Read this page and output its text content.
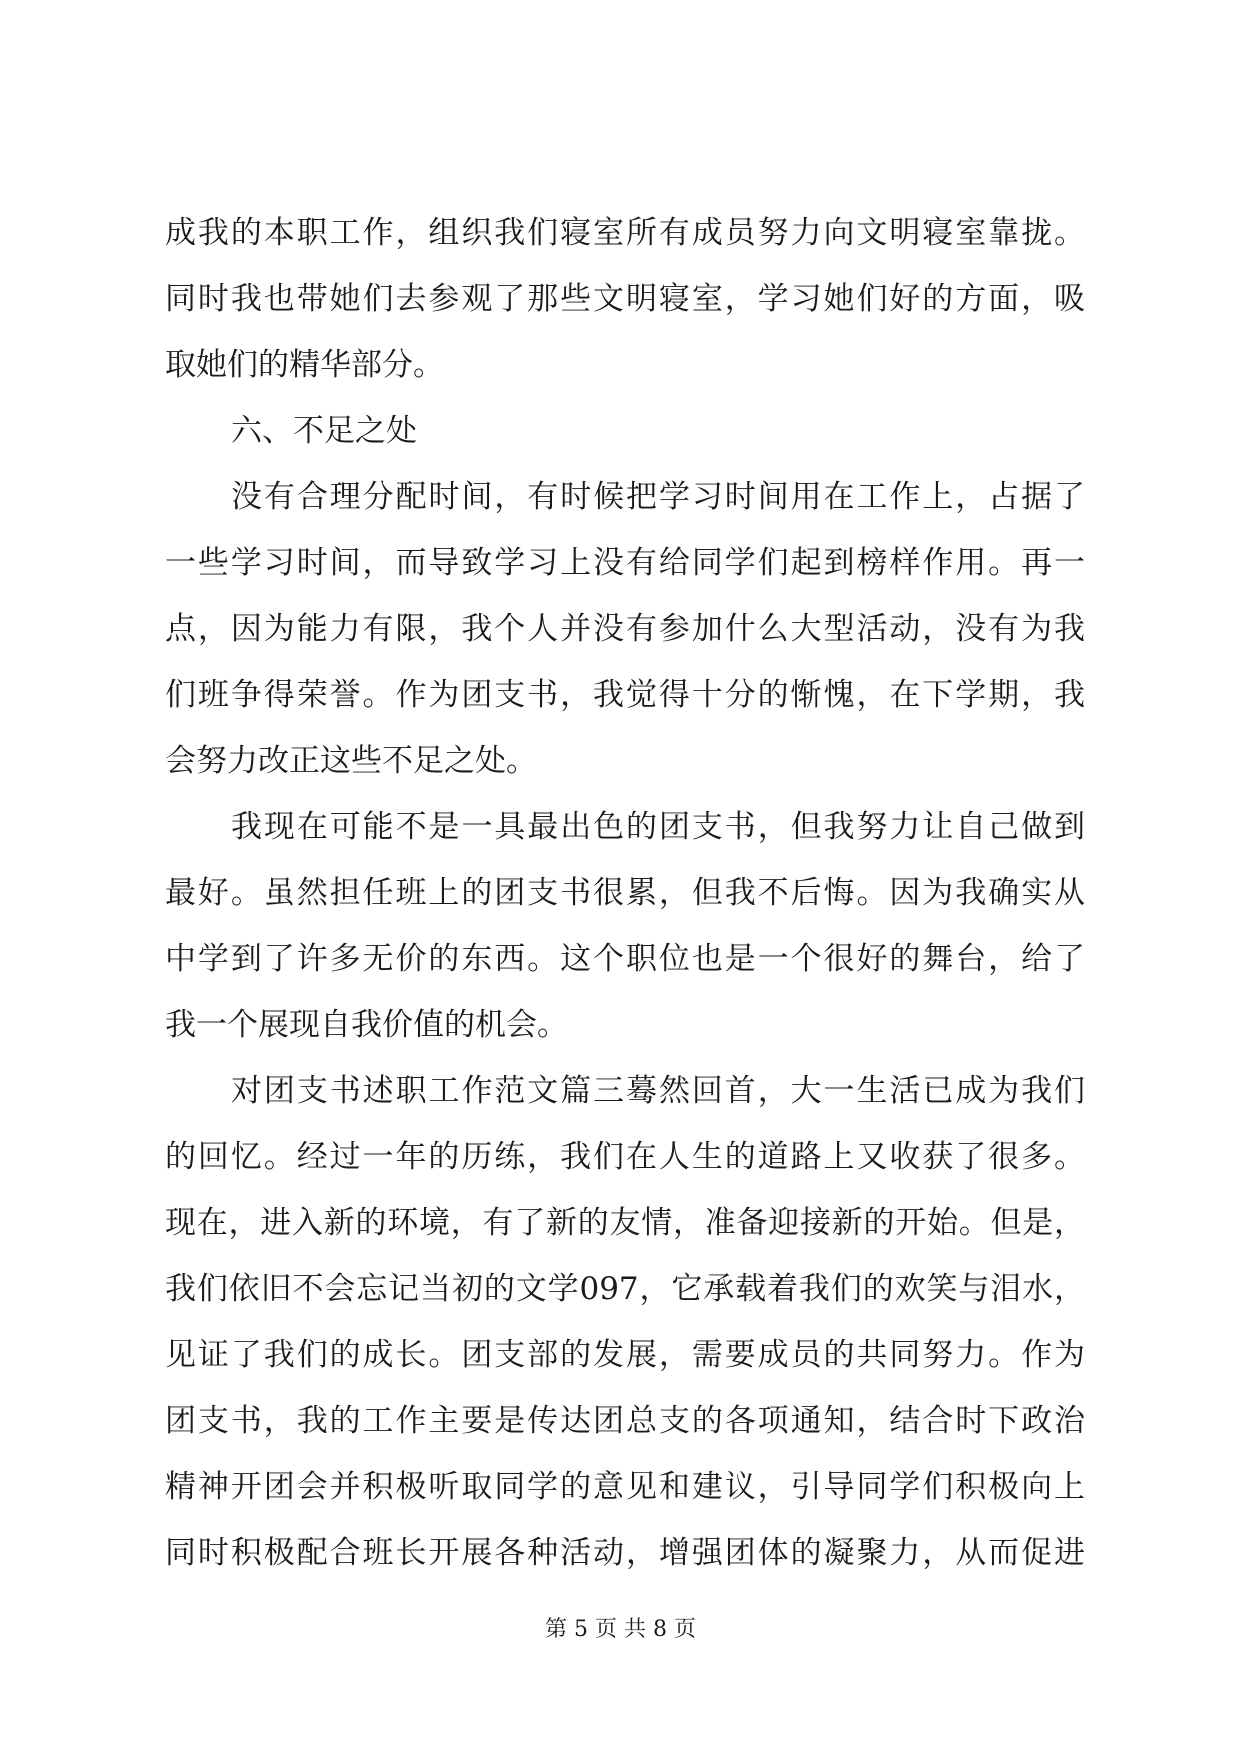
成我的本职工作，组织我们寝室所有成员努力向文明寝室靠拢。
同时我也带她们去参观了那些文明寝室，学习她们好的方面，吸
取她们的精华部分。
六、不足之处
没有合理分配时间，有时候把学习时间用在工作上，占据了
一些学习时间，而导致学习上没有给同学们起到榜样作用。再一
点，因为能力有限，我个人并没有参加什么大型活动，没有为我
们班争得荣誉。作为团支书，我觉得十分的惭愧，在下学期，我
会努力改正这些不足之处。
我现在可能不是一具最出色的团支书，但我努力让自己做到
最好。虽然担任班上的团支书很累，但我不后悔。因为我确实从
中学到了许多无价的东西。这个职位也是一个很好的舞台，给了
我一个展现自我价值的机会。
对团支书述职工作范文篇三蓦然回首，大一生活已成为我们
的回忆。经过一年的历练，我们在人生的道路上又收获了很多。
现在，进入新的环境，有了新的友情，准备迎接新的开始。但是，
我们依旧不会忘记当初的文学097，它承载着我们的欢笑与泪水，
见证了我们的成长。团支部的发展，需要成员的共同努力。作为
团支书，我的工作主要是传达团总支的各项通知，结合时下政治
精神开团会并积极听取同学的意见和建议，引导同学们积极向上
同时积极配合班长开展各种活动，增强团体的凝聚力，从而促进
第 5 页 共 8 页
